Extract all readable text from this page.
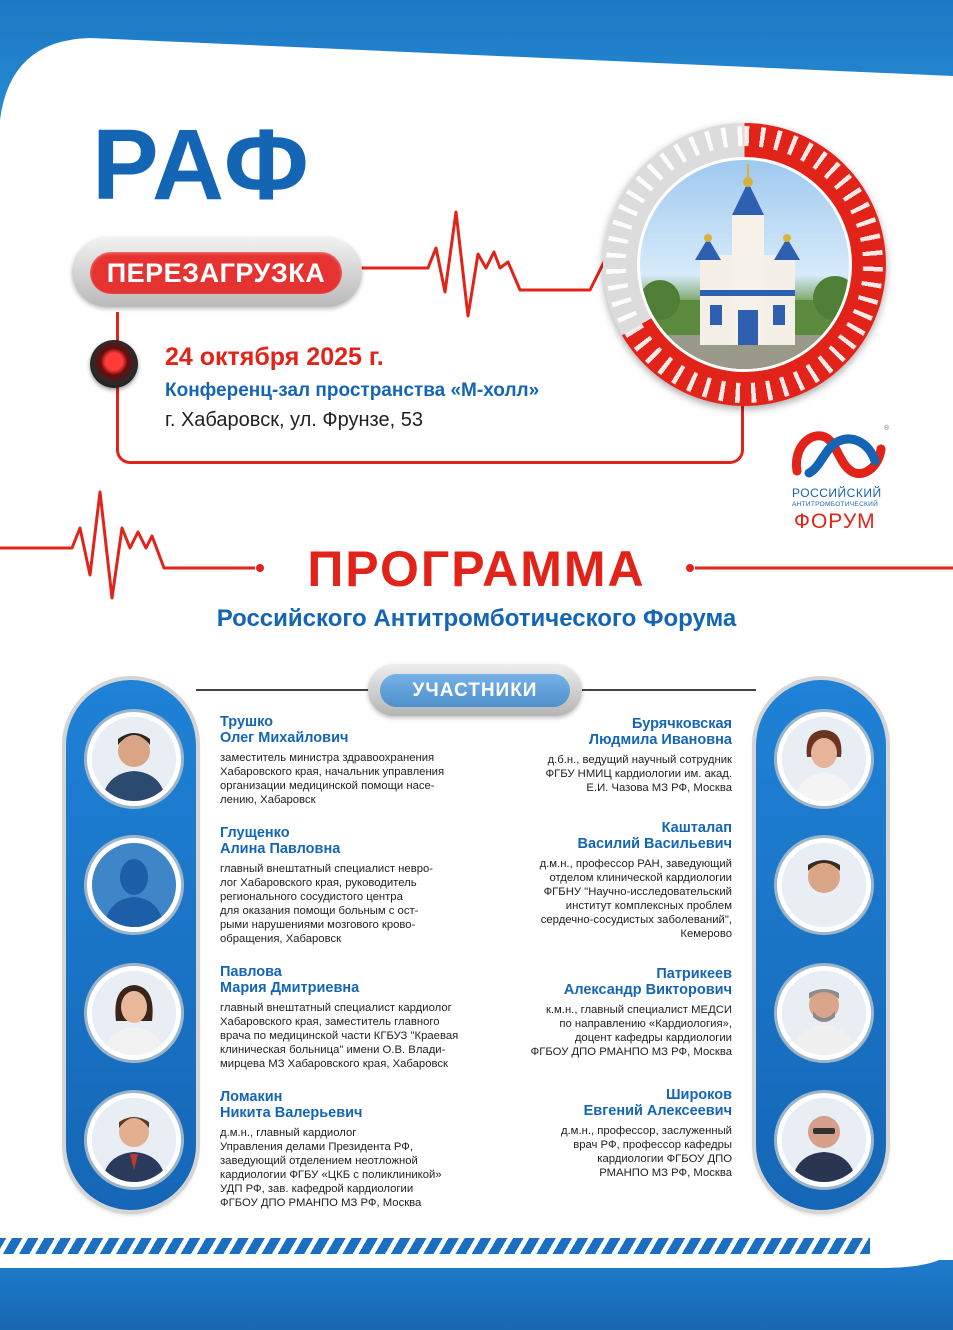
РАФ
ПЕРЕЗАГРУЗКА
24 октября 2025 г.
Конференц-зал пространства «М-холл»
г. Хабаровск, ул. Фрунзе, 53	®
РОССИЙСКИЙ
АНТИТРОМБОТИЧЕСКИЙ
ФОРУМ
ПРОГРАММА
Российского Антитромботического Форума
УЧАСТНИКИ
Трушко
Олег Михайлович
заместитель министра здравоохранения
Хабаровского края, начальник управления
организации медицинской помощи насе-
лению, Хабаровск
Глущенко
Алина Павловна
главный внештатный специалист невро-
лог Хабаровского края, руководитель
регионального сосудистого центра
для оказания помощи больным с ост-
рыми нарушениями мозгового крово-
обращения, Хабаровск
Павлова
Мария Дмитриевна
главный внештатный специалист кардиолог
Хабаровского края, заместитель главного
врача по медицинской части КГБУЗ "Краевая
клиническая больница" имени О.В. Влади-
мирцева МЗ Хабаровского края, Хабаровск
Ломакин
Никита Валерьевич
д.м.н., главный кардиолог
Управления делами Президента РФ,
заведующий отделением неотложной
кардиологии ФГБУ «ЦКБ с поликлиникой»
УДП РФ, зав. кафедрой кардиологии
ФГБОУ ДПО РМАНПО МЗ РФ, Москва
Бурячковская
Людмила Ивановна
д.б.н., ведущий научный сотрудник
ФГБУ НМИЦ кардиологии им. акад.
Е.И. Чазова МЗ РФ, Москва
Кашталап
Василий Васильевич
д.м.н., профессор РАН, заведующий
отделом клинической кардиологии
ФГБНУ "Научно-исследовательский
институт комплексных проблем
сердечно-сосудистых заболеваний",
Кемерово
Патрикеев
Александр Викторович
к.м.н., главный специалист МЕДСИ
по направлению «Кардиология»,
доцент кафедры кардиологии
ФГБОУ ДПО РМАНПО МЗ РФ, Москва
Широков
Евгений Алексеевич
д.м.н., профессор, заслуженный
врач РФ, профессор кафедры
кардиологии ФГБОУ ДПО
РМАНПО МЗ РФ, Москва
